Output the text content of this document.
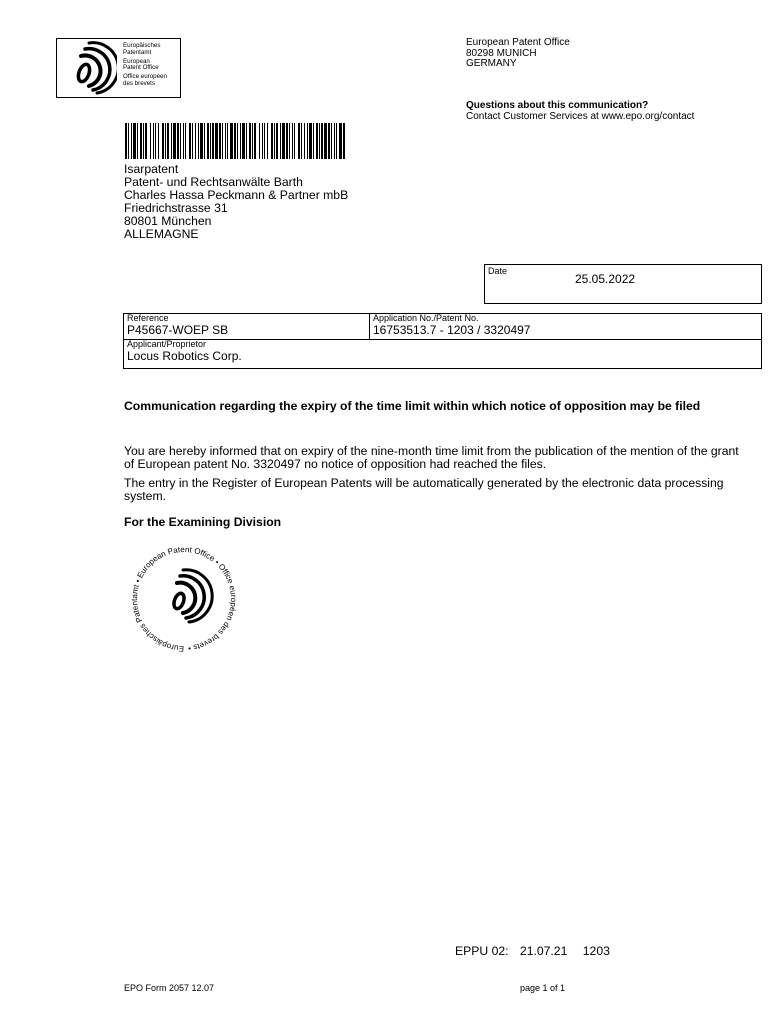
Europäisches
Patentamt
European
Patent Office
Office européen
des brevets
European Patent Office
80298 MUNICH
GERMANY
Questions about this communication?
Contact Customer Services at www.epo.org/contact
Isarpatent
Patent- und Rechtsanwälte Barth
Charles Hassa Peckmann & Partner mbB
Friedrichstrasse 31
80801 München
ALLEMAGNE
Date
25.05.2022
Reference
P45667-WOEP SB
Application No./Patent No.
16753513.7 - 1203 / 3320497
Applicant/Proprietor
Locus Robotics Corp.
Communication regarding the expiry of the time limit within which notice of opposition may be filed
You are hereby informed that on expiry of the nine-month time limit from the publication of the mention of the grant of European patent No. 3320497 no notice of opposition had reached the files.
The entry in the Register of European Patents will be automatically generated by the electronic data processing system.
For the Examining Division
Europäisches Patentamt • European Patent Office • Office européen des brevets •
EPPU 02: 21.07.21 1203
EPO Form 2057 12.07	page 1 of 1
